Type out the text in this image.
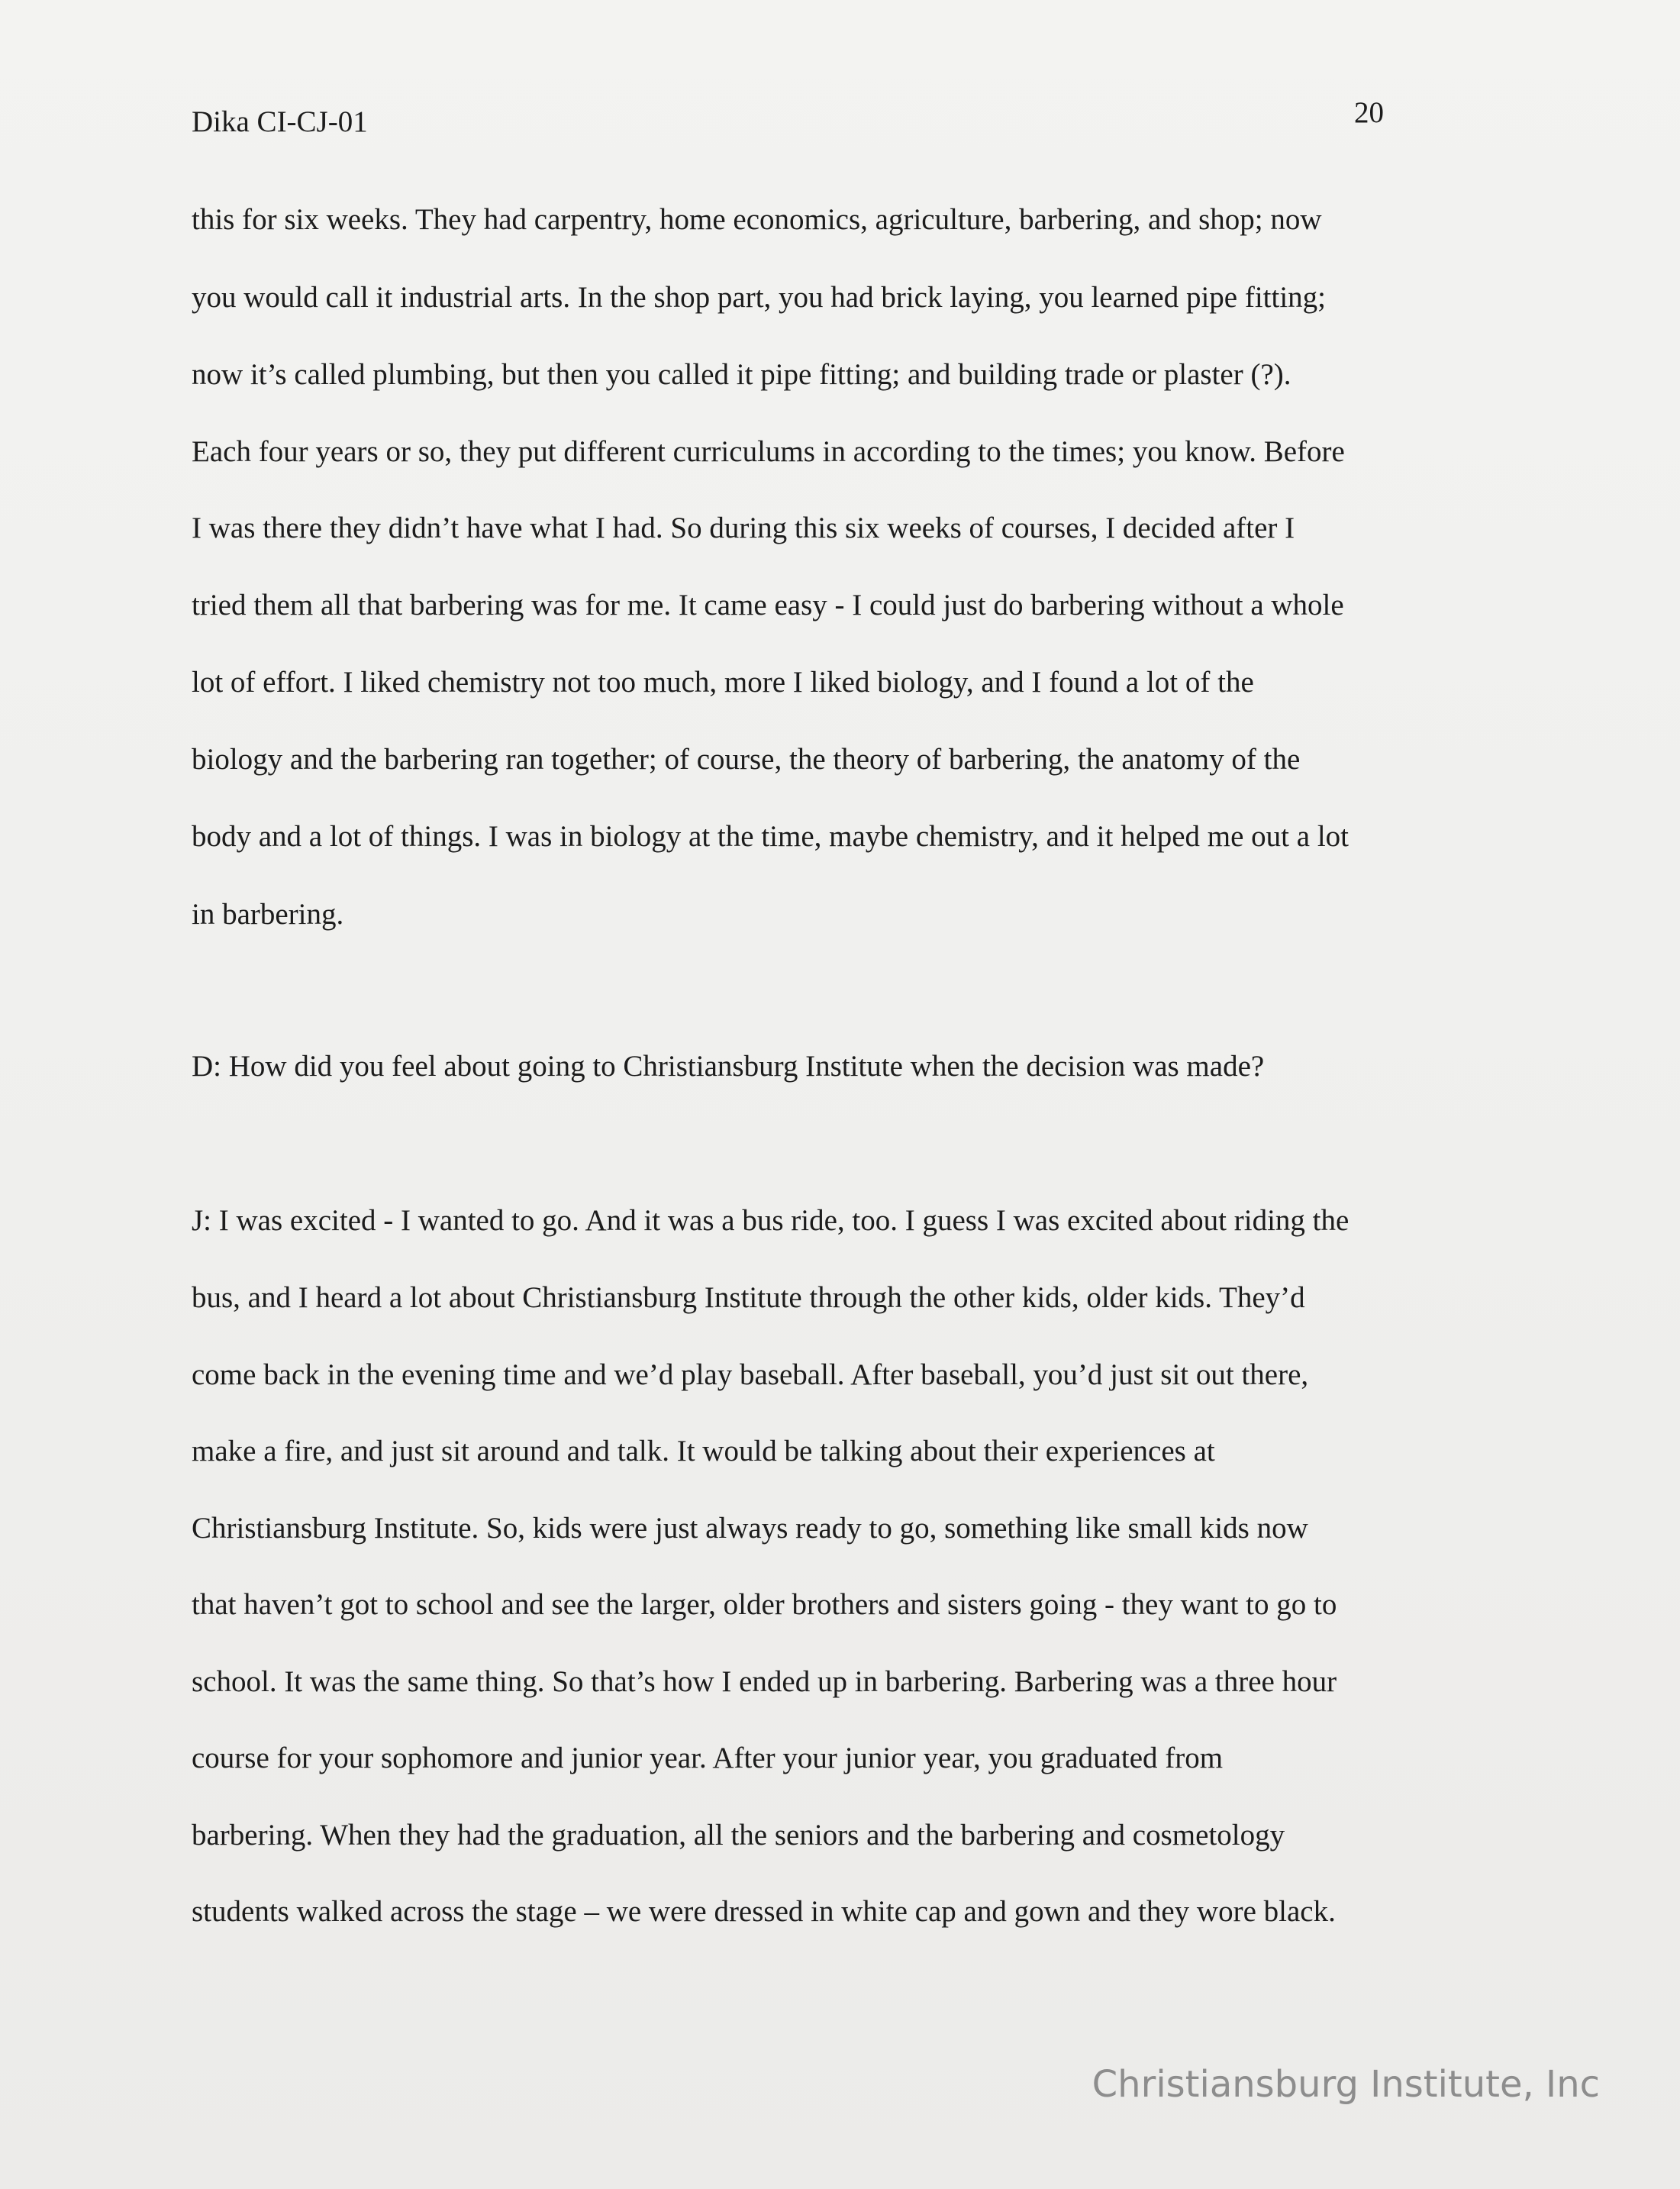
Dika CI-CJ-01	20
this for six weeks. They had carpentry, home economics, agriculture, barbering, and shop; now
you would call it industrial arts. In the shop part, you had brick laying, you learned pipe fitting;
now it’s called plumbing, but then you called it pipe fitting; and building trade or plaster (?).
Each four years or so, they put different curriculums in according to the times; you know. Before
I was there they didn’t have what I had. So during this six weeks of courses, I decided after I
tried them all that barbering was for me. It came easy - I could just do barbering without a whole
lot of effort. I liked chemistry not too much, more I liked biology, and I found a lot of the
biology and the barbering ran together; of course, the theory of barbering, the anatomy of the
body and a lot of things. I was in biology at the time, maybe chemistry, and it helped me out a lot
in barbering.
D: How did you feel about going to Christiansburg Institute when the decision was made?
J: I was excited - I wanted to go. And it was a bus ride, too. I guess I was excited about riding the
bus, and I heard a lot about Christiansburg Institute through the other kids, older kids. They’d
come back in the evening time and we’d play baseball. After baseball, you’d just sit out there,
make a fire, and just sit around and talk. It would be talking about their experiences at
Christiansburg Institute. So, kids were just always ready to go, something like small kids now
that haven’t got to school and see the larger, older brothers and sisters going - they want to go to
school. It was the same thing. So that’s how I ended up in barbering. Barbering was a three hour
course for your sophomore and junior year. After your junior year, you graduated from
barbering. When they had the graduation, all the seniors and the barbering and cosmetology
students walked across the stage – we were dressed in white cap and gown and they wore black.
Christiansburg Institute, Inc
